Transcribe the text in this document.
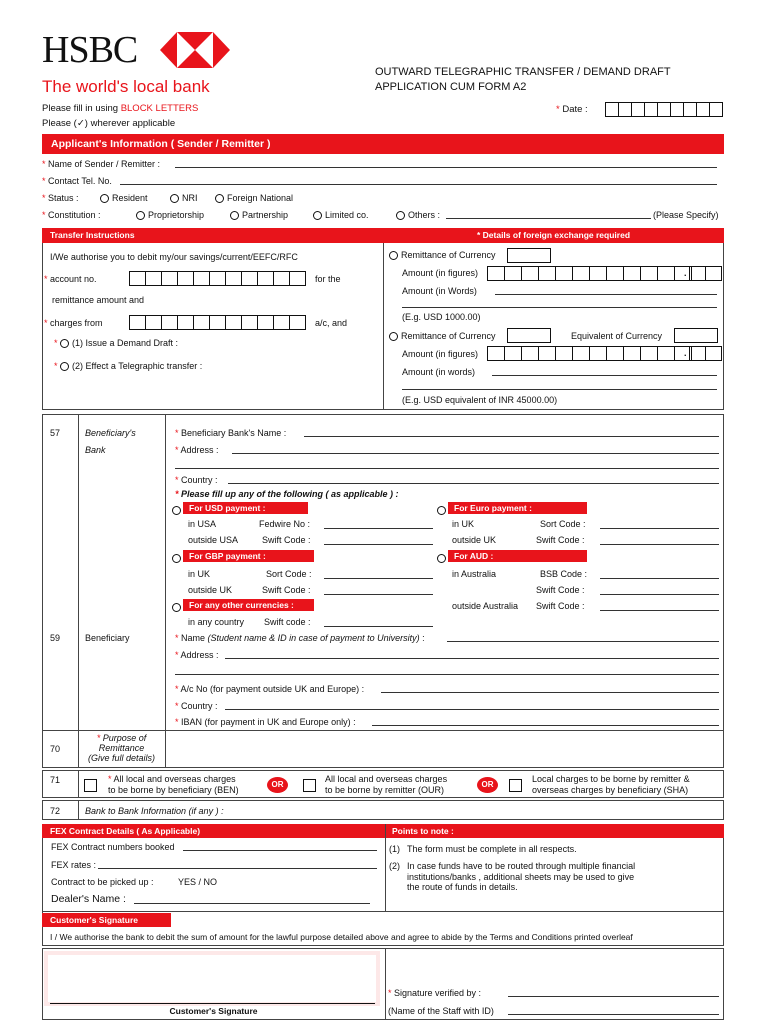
HSBC
The world's local bank
OUTWARD TELEGRAPHIC TRANSFER / DEMAND DRAFT
APPLICATION CUM FORM A2
Please fill in using BLOCK LETTERS
Please (✓) wherever applicable
* Date :
Applicant's Information ( Sender / Remitter )
* Name of Sender / Remitter :
* Contact Tel. No.
* Status :	Resident	NRI	Foreign National
* Constitution :	Proprietorship	Partnership	Limited co.	Others :	(Please Specify)
Transfer Instructions	* Details of foreign exchange required
I/We authorise you to debit my/our savings/current/EEFC/RFC
* account no.	for the
remittance amount and
* charges from	a/c, and
* (1) Issue a Demand Draft :
* (2) Effect a Telegraphic transfer :
Remittance of Currency
Amount (in figures)	.
Amount (in Words)
(E.g. USD 1000.00)
Remittance of Currency	Equivalent of Currency
Amount (in figures)	.
Amount (in words)
(E.g. USD equivalent of INR 45000.00)
57	Beneficiary's
Bank
* Beneficiary Bank's Name :
* Address :
* Country :
* Please fill up any of the following ( as applicable ) :
For USD payment :
in USA	Fedwire No :
outside USA	Swift Code :
For Euro payment :
in UK	Sort Code :
outside UK	Swift Code :
For GBP payment :
in UK	Sort Code :
outside UK	Swift Code :
For AUD :
in Australia	BSB Code :
Swift Code :
outside Australia Swift Code :
For any other currencies :
in any country Swift code :
59	Beneficiary
*	Name (Student name & ID in case of payment to University) :
* Address :
* A/c No (for payment outside UK and Europe) :
* Country :
* IBAN (for payment in UK and Europe only) :
70
* Purpose of
Remittance
(Give full details)
71	* All local and overseas charges
to be borne by beneficiary (BEN)
OR
All local and overseas charges
to be borne by remitter (OUR)
OR
Local charges to be borne by remitter &
overseas charges by beneficiary (SHA)
72	Bank to Bank Information (if any ) :
FEX Contract Details ( As Applicable)	Points to note :
FEX Contract numbers booked
FEX rates :
Contract to be picked up :	YES / NO
Dealer's Name :
(1) The form must be complete in all respects.
(2) In case funds have to be routed through multiple financial
institutions/banks , additional sheets may be used to give
the route of funds in details.
Customer's Signature
I / We authorise the bank to debit the sum of amount for the lawful purpose detailed above and agree to abide by the Terms and Conditions printed overleaf
Customer's Signature
* Signature verified by :
(Name of the Staff with ID)
